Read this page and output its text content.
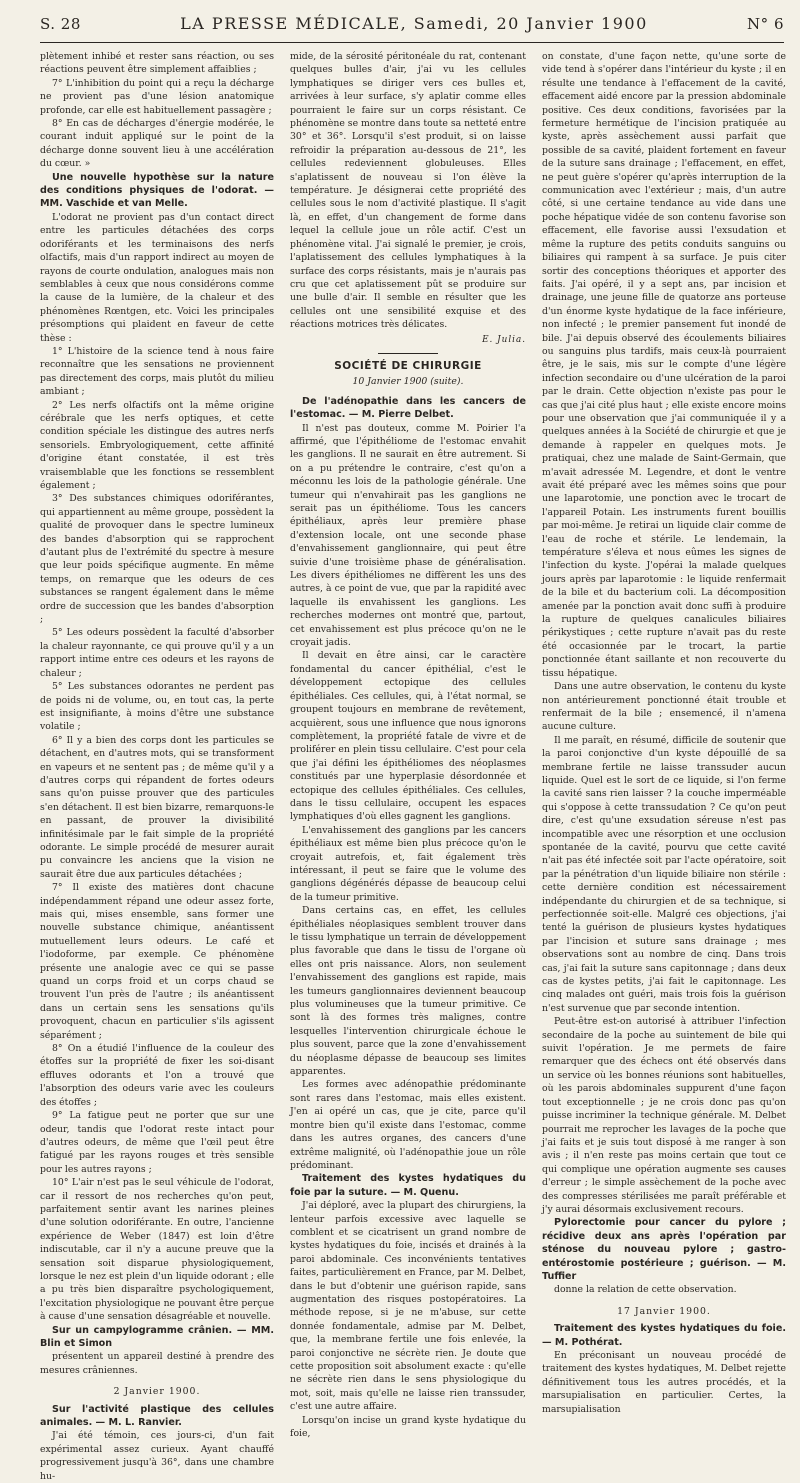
S. 28	LA PRESSE MÉDICALE, Samedi, 20 Janvier 1900	N° 6

plètement inhibé et rester sans réaction, ou ses réactions peuvent être simplement affaiblies ;

7° L'inhibition du point qui a reçu la décharge ne provient pas d'une lésion anatomique profonde, car elle est habituellement passagère ;

8° En cas de décharges d'énergie modérée, le courant induit appliqué sur le point de la décharge donne souvent lieu à une accélération du cœur. »

Une nouvelle hypothèse sur la nature des conditions physiques de l'odorat. — MM. Vaschide et van Melle.

L'odorat ne provient pas d'un contact direct entre les particules détachées des corps odoriférants et les terminaisons des nerfs olfactifs, mais d'un rapport indirect au moyen de rayons de courte ondulation, analogues mais non semblables à ceux que nous considérons comme la cause de la lumière, de la chaleur et des phénomènes Rœntgen, etc. Voici les principales présomptions qui plaident en faveur de cette thèse :

1° L'histoire de la science tend à nous faire reconnaître que les sensations ne proviennent pas directement des corps, mais plutôt du milieu ambiant ;

2° Les nerfs olfactifs ont la même origine cérébrale que les nerfs optiques, et cette condition spéciale les distingue des autres nerfs sensoriels. Embryologiquement, cette affinité d'origine étant constatée, il est très vraisemblable que les fonctions se ressemblent également ;

3° Des substances chimiques odoriférantes, qui appartiennent au même groupe, possèdent la qualité de provoquer dans le spectre lumineux des bandes d'absorption qui se rapprochent d'autant plus de l'extrémité du spectre à mesure que leur poids spécifique augmente. En même temps, on remarque que les odeurs de ces substances se rangent également dans le même ordre de succession que les bandes d'absorption ;

5° Les odeurs possèdent la faculté d'absorber la chaleur rayonnante, ce qui prouve qu'il y a un rapport intime entre ces odeurs et les rayons de chaleur ;

5° Les substances odorantes ne perdent pas de poids ni de volume, ou, en tout cas, la perte est insignifiante, à moins d'être une substance volatile ;

6° Il y a bien des corps dont les particules se détachent, en d'autres mots, qui se transforment en vapeurs et ne sentent pas ; de même qu'il y a d'autres corps qui répandent de fortes odeurs sans qu'on puisse prouver que des particules s'en détachent. Il est bien bizarre, remarquons-le en passant, de prouver la divisibilité infinitésimale par le fait simple de la propriété odorante. Le simple procédé de mesurer aurait pu convaincre les anciens que la vision ne saurait être due aux particules détachées ;

7° Il existe des matières dont chacune indépendamment répand une odeur assez forte, mais qui, mises ensemble, sans former une nouvelle substance chimique, anéantissent mutuellement leurs odeurs. Le café et l'iodoforme, par exemple. Ce phénomène présente une analogie avec ce qui se passe quand un corps froid et un corps chaud se trouvent l'un près de l'autre ; ils anéantissent dans un certain sens les sensations qu'ils provoquent, chacun en particulier s'ils agissent séparément ;

8° On a étudié l'influence de la couleur des étoffes sur la propriété de fixer les soi-disant effluves odorants et l'on a trouvé que l'absorption des odeurs varie avec les couleurs des étoffes ;

9° La fatigue peut ne porter que sur une odeur, tandis que l'odorat reste intact pour d'autres odeurs, de même que l'œil peut être fatigué par les rayons rouges et très sensible pour les autres rayons ;

10° L'air n'est pas le seul véhicule de l'odorat, car il ressort de nos recherches qu'on peut, parfaitement sentir avant les narines pleines d'une solution odoriférante. En outre, l'ancienne expérience de Weber (1847) est loin d'être indiscutable, car il n'y a aucune preuve que la sensation soit disparue physiologiquement, lorsque le nez est plein d'un liquide odorant ; elle a pu très bien disparaître psychologiquement, l'excitation physiologique ne pouvant être perçue à cause d'une sensation désagréable et nouvelle.

Sur un campylogramme crânien. — MM. Blin et Simon

présentent un appareil destiné à prendre des mesures crâniennes.

2 Janvier 1900.

Sur l'activité plastique des cellules animales. — M. L. Ranvier.

J'ai été témoin, ces jours-ci, d'un fait expérimental assez curieux. Ayant chauffé progressivement jusqu'à 36°, dans une chambre hu-

mide, de la sérosité péritonéale du rat, contenant quelques bulles d'air, j'ai vu les cellules lymphatiques se diriger vers ces bulles et, arrivées à leur surface, s'y aplatir comme elles pourraient le faire sur un corps résistant. Ce phénomène se montre dans toute sa netteté entre 30° et 36°. Lorsqu'il s'est produit, si on laisse refroidir la préparation au-dessous de 21°, les cellules redeviennent globuleuses. Elles s'aplatissent de nouveau si l'on élève la température. Je désignerai cette propriété des cellules sous le nom d'activité plastique. Il s'agit là, en effet, d'un changement de forme dans lequel la cellule joue un rôle actif. C'est un phénomène vital. J'ai signalé le premier, je crois, l'aplatissement des cellules lymphatiques à la surface des corps résistants, mais je n'aurais pas cru que cet aplatissement pût se produire sur une bulle d'air. Il semble en résulter que les cellules ont une sensibilité exquise et des réactions motrices très délicates.

E. Julia.
SOCIÉTÉ DE CHIRURGIE
10 Janvier 1900 (suite).

De l'adénopathie dans les cancers de l'estomac. — M. Pierre Delbet.

Il n'est pas douteux, comme M. Poirier l'a affirmé, que l'épithéliome de l'estomac envahit les ganglions. Il ne saurait en être autrement. Si on a pu prétendre le contraire, c'est qu'on a méconnu les lois de la pathologie générale. Une tumeur qui n'envahirait pas les ganglions ne serait pas un épithéliome. Tous les cancers épithéliaux, après leur première phase d'extension locale, ont une seconde phase d'envahissement ganglionnaire, qui peut être suivie d'une troisième phase de généralisation. Les divers épithéliomes ne diffèrent les uns des autres, à ce point de vue, que par la rapidité avec laquelle ils envahissent les ganglions. Les recherches modernes ont montré que, partout, cet envahissement est plus précoce qu'on ne le croyait jadis.

Il devait en être ainsi, car le caractère fondamental du cancer épithélial, c'est le développement ectopique des cellules épithéliales. Ces cellules, qui, à l'état normal, se groupent toujours en membrane de revêtement, acquièrent, sous une influence que nous ignorons complètement, la propriété fatale de vivre et de proliférer en plein tissu cellulaire. C'est pour cela que j'ai défini les épithéliomes des néoplasmes constitués par une hyperplasie désordonnée et ectopique des cellules épithéliales. Ces cellules, dans le tissu cellulaire, occupent les espaces lymphatiques d'où elles gagnent les ganglions.

L'envahissement des ganglions par les cancers épithéliaux est même bien plus précoce qu'on le croyait autrefois, et, fait également très intéressant, il peut se faire que le volume des ganglions dégénérés dépasse de beaucoup celui de la tumeur primitive.

Dans certains cas, en effet, les cellules épithéliales néoplasiques semblent trouver dans le tissu lymphatique un terrain de développement plus favorable que dans le tissu de l'organe où elles ont pris naissance. Alors, non seulement l'envahissement des ganglions est rapide, mais les tumeurs ganglionnaires deviennent beaucoup plus volumineuses que la tumeur primitive. Ce sont là des formes très malignes, contre lesquelles l'intervention chirurgicale échoue le plus souvent, parce que la zone d'envahissement du néoplasme dépasse de beaucoup ses limites apparentes.

Les formes avec adénopathie prédominante sont rares dans l'estomac, mais elles existent. J'en ai opéré un cas, que je cite, parce qu'il montre bien qu'il existe dans l'estomac, comme dans les autres organes, des cancers d'une extrême malignité, où l'adénopathie joue un rôle prédominant.

Traitement des kystes hydatiques du foie par la suture. — M. Quenu.

J'ai déploré, avec la plupart des chirurgiens, la lenteur parfois excessive avec laquelle se comblent et se cicatrisent un grand nombre de kystes hydatiques du foie, incisés et drainés à la paroi abdominale. Ces inconvénients tentatives faites, particulièrement en France, par M. Delbet, dans le but d'obtenir une guérison rapide, sans augmentation des risques postopératoires. La méthode repose, si je ne m'abuse, sur cette donnée fondamentale, admise par M. Delbet, que, la membrane fertile une fois enlevée, la paroi conjonctive ne sécrète rien. Je doute que cette proposition soit absolument exacte : qu'elle ne sécrète rien dans le sens physiologique du mot, soit, mais qu'elle ne laisse rien transsuder, c'est une autre affaire.

Lorsqu'on incise un grand kyste hydatique du foie,

on constate, d'une façon nette, qu'une sorte de vide tend à s'opérer dans l'intérieur du kyste ; il en résulte une tendance à l'effacement de la cavité, effacement aidé encore par la pression abdominale positive. Ces deux conditions, favorisées par la fermeture hermétique de l'incision pratiquée au kyste, après assèchement aussi parfait que possible de sa cavité, plaident fortement en faveur de la suture sans drainage ; l'effacement, en effet, ne peut guère s'opérer qu'après interruption de la communication avec l'extérieur ; mais, d'un autre côté, si une certaine tendance au vide dans une poche hépatique vidée de son contenu favorise son effacement, elle favorise aussi l'exsudation et même la rupture des petits conduits sanguins ou biliaires qui rampent à sa surface. Je puis citer sortir des conceptions théoriques et apporter des faits. J'ai opéré, il y a sept ans, par incision et drainage, une jeune fille de quatorze ans porteuse d'un énorme kyste hydatique de la face inférieure, non infecté ; le premier pansement fut inondé de bile. J'ai depuis observé des écoulements biliaires ou sanguins plus tardifs, mais ceux-là pourraient être, je le sais, mis sur le compte d'une légère infection secondaire ou d'une ulcération de la paroi par le drain. Cette objection n'existe pas pour le cas que j'ai cité plus haut ; elle existe encore moins pour une observation que j'ai communiquée il y a quelques années à la Société de chirurgie et que je demande à rappeler en quelques mots. Je pratiquai, chez une malade de Saint-Germain, que m'avait adressée M. Legendre, et dont le ventre avait été préparé avec les mêmes soins que pour une laparotomie, une ponction avec le trocart de l'appareil Potain. Les instruments furent bouillis par moi-même. Je retirai un liquide clair comme de l'eau de roche et stérile. Le lendemain, la température s'éleva et nous eûmes les signes de l'infection du kyste. J'opérai la malade quelques jours après par laparotomie : le liquide renfermait de la bile et du bacterium coli. La décomposition amenée par la ponction avait donc suffi à produire la rupture de quelques canalicules biliaires périkystiques ; cette rupture n'avait pas du reste été occasionnée par le trocart, la partie ponctionnée étant saillante et non recouverte du tissu hépatique.

Dans une autre observation, le contenu du kyste non antérieurement ponctionné était trouble et renfermait de la bile ; ensemencé, il n'amena aucune culture.

Il me paraît, en résumé, difficile de soutenir que la paroi conjonctive d'un kyste dépouillé de sa membrane fertile ne laisse transsuder aucun liquide. Quel est le sort de ce liquide, si l'on ferme la cavité sans rien laisser ? la couche imperméable qui s'oppose à cette transsudation ? Ce qu'on peut dire, c'est qu'une exsudation séreuse n'est pas incompatible avec une résorption et une occlusion spontanée de la cavité, pourvu que cette cavité n'ait pas été infectée soit par l'acte opératoire, soit par la pénétration d'un liquide biliaire non stérile : cette dernière condition est nécessairement indépendante du chirurgien et de sa technique, si perfectionnée soit-elle. Malgré ces objections, j'ai tenté la guérison de plusieurs kystes hydatiques par l'incision et suture sans drainage ; mes observations sont au nombre de cinq. Dans trois cas, j'ai fait la suture sans capitonnage ; dans deux cas de kystes petits, j'ai fait le capitonnage. Les cinq malades ont guéri, mais trois fois la guérison n'est survenue que par seconde intention.

Peut-être est-on autorisé à attribuer l'infection secondaire de la poche au suintement de bile qui suivit l'opération. Je me permets de faire remarquer que des échecs ont été observés dans un service où les bonnes réunions sont habituelles, où les parois abdominales suppurent d'une façon tout exceptionnelle ; je ne crois donc pas qu'on puisse incriminer la technique générale. M. Delbet pourrait me reprocher les lavages de la poche que j'ai faits et je suis tout disposé à me ranger à son avis ; il n'en reste pas moins certain que tout ce qui complique une opération augmente ses causes d'erreur ; le simple assèchement de la poche avec des compresses stérilisées me paraît préférable et j'y aurai désormais exclusivement recours.

Pylorectomie pour cancer du pylore ; récidive deux ans après l'opération par sténose du nouveau pylore ; gastro-entérostomie postérieure ; guérison. — M. Tuffier

donne la relation de cette observation.

17 Janvier 1900.

Traitement des kystes hydatiques du foie. — M. Pothérat.

En préconisant un nouveau procédé de traitement des kystes hydatiques, M. Delbet rejette définitivement tous les autres procédés, et la marsupialisation en particulier. Certes, la marsupialisation
